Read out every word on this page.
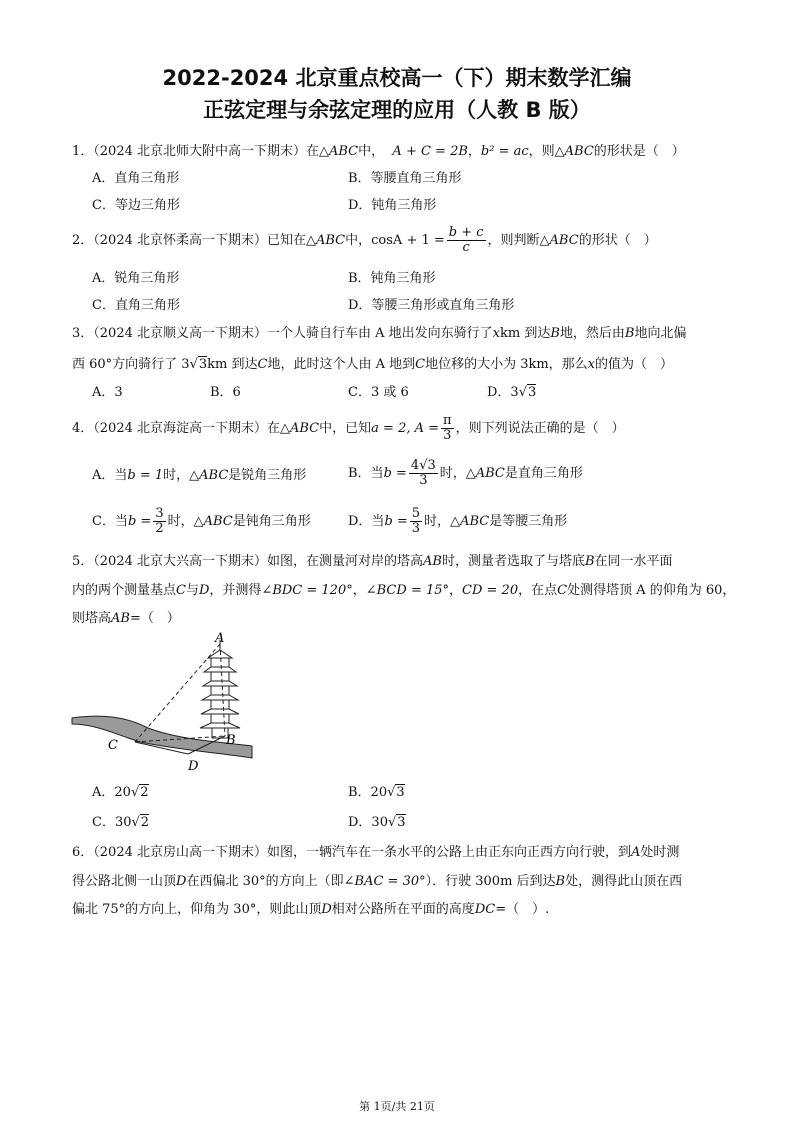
2022-2024 北京重点校高一（下）期末数学汇编
正弦定理与余弦定理的应用（人教 B 版）
1．（2024 北京北师大附中高一下期末）在△ABC中， A + C = 2B，b² = ac，则△ABC的形状是（　）
A．直角三角形	B．等腰直角三角形
C．等边三角形	D．钝角三角形
2．（2024 北京怀柔高一下期末）已知在△ABC中，$\cos A + 1 = \frac{b + c}{c}$ ，则判断△ABC的形状（　）
A．锐角三角形	B．钝角三角形
C．直角三角形	D．等腰三角形或直角三角形
3．（2024 北京顺义高一下期末）一个人骑自行车由 A 地出发向东骑行了xkm 到达B地，然后由B地向北偏
西 60°方向骑行了 3√3km 到达C地，此时这个人由 A 地到C地位移的大小为 3km，那么x的值为（　）
A．3	B．6	C．3 或 6	D．3√3
4．（2024 北京海淀高一下期末）在△ABC中，已知a = 2, $A = \frac{\pi}{3}$ ，则下列说法正确的是（　）
A．当b = 1时，△ABC是锐角三角形	B．当$b = \frac{4√3}{3}$ 时，△ABC是直角三角形
C．当$b = \frac{3}{2}$ 时，△ABC是钝角三角形	D．当$b = \frac{5}{3}$ 时，△ABC是等腰三角形
5．（2024 北京大兴高一下期末）如图，在测量河对岸的塔高AB时，测量者选取了与塔底B在同一水平面
内的两个测量基点C与D，并测得∠BDC = 120°，∠BCD = 15°，CD = 20，在点C处测得塔顶 A 的仰角为 60，
则塔高AB=（　）
A
B
C
D
A．20√2	B．20√3
C．30√2	D．30√3
6．（2024 北京房山高一下期末）如图，一辆汽车在一条水平的公路上由正东向正西方向行驶，到A处时测
得公路北侧一山顶D在西偏北 30°的方向上（即∠BAC = 30°）．行驶 300m 后到达B处，测得此山顶在西
偏北 75°的方向上，仰角为 30°，则此山顶D相对公路所在平面的高度DC=（　）.
第 1页/共 21页
